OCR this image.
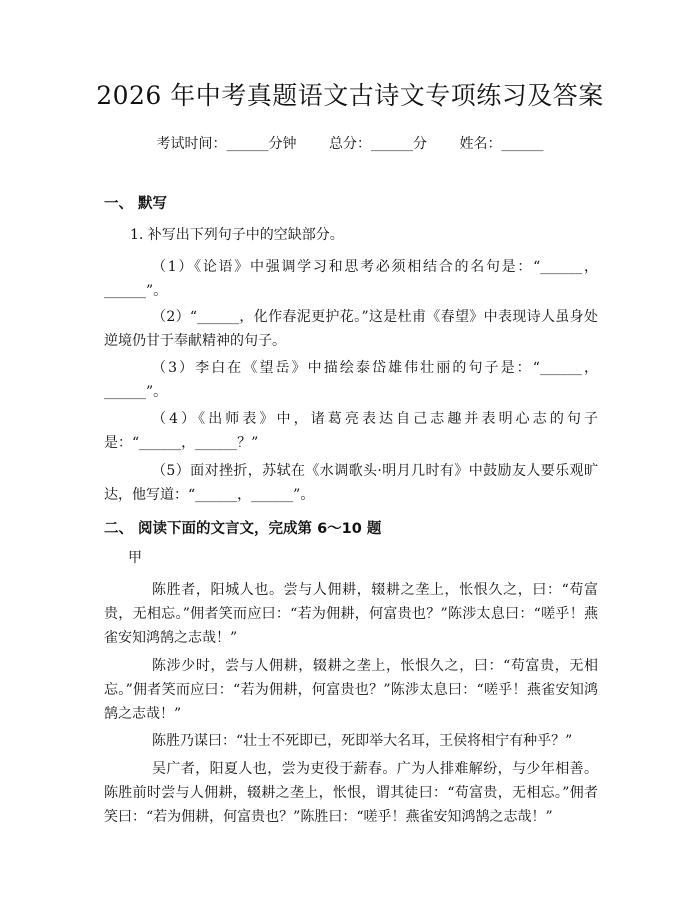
2026 年中考真题语文古诗文专项练习及答案
考试时间：______分钟 总分：______分 姓名：______
一、 默写
1. 补写出下列句子中的空缺部分。
（1）《论语》中强调学习和思考必须相结合的名句是：“______，______”。
（2）“______，化作春泥更护花。”这是杜甫《春望》中表现诗人虽身处逆境仍甘于奉献精神的句子。
（3）李白在《望岳》中描绘泰岱雄伟壮丽的句子是：“______，______”。
（4）《出师表》中，诸葛亮表达自己志趣并表明心志的句子是：“______，______？”
（5）面对挫折，苏轼在《水调歌头·明月几时有》中鼓励友人要乐观旷达，他写道：“______，______”。
二、 阅读下面的文言文，完成第 6～10 题
甲
陈胜者，阳城人也。尝与人佣耕，辍耕之垄上，怅恨久之，曰：“苟富贵，无相忘。”佣者笑而应曰：“若为佣耕，何富贵也？”陈涉太息曰：“嗟乎！燕雀安知鸿鹄之志哉！”
陈涉少时，尝与人佣耕，辍耕之垄上，怅恨久之，曰：“苟富贵，无相忘。”佣者笑而应曰：“若为佣耕，何富贵也？”陈涉太息曰：“嗟乎！燕雀安知鸿鹄之志哉！”
陈胜乃谋曰：“壮士不死即已，死即举大名耳，王侯将相宁有种乎？”
吴广者，阳夏人也，尝为吏役于薪春。广为人排难解纷，与少年相善。陈胜前时尝与人佣耕，辍耕之垄上，怅恨，谓其徒曰：“苟富贵，无相忘。”佣者笑曰：“若为佣耕，何富贵也？”陈胜曰：“嗟乎！燕雀安知鸿鹄之志哉！”
